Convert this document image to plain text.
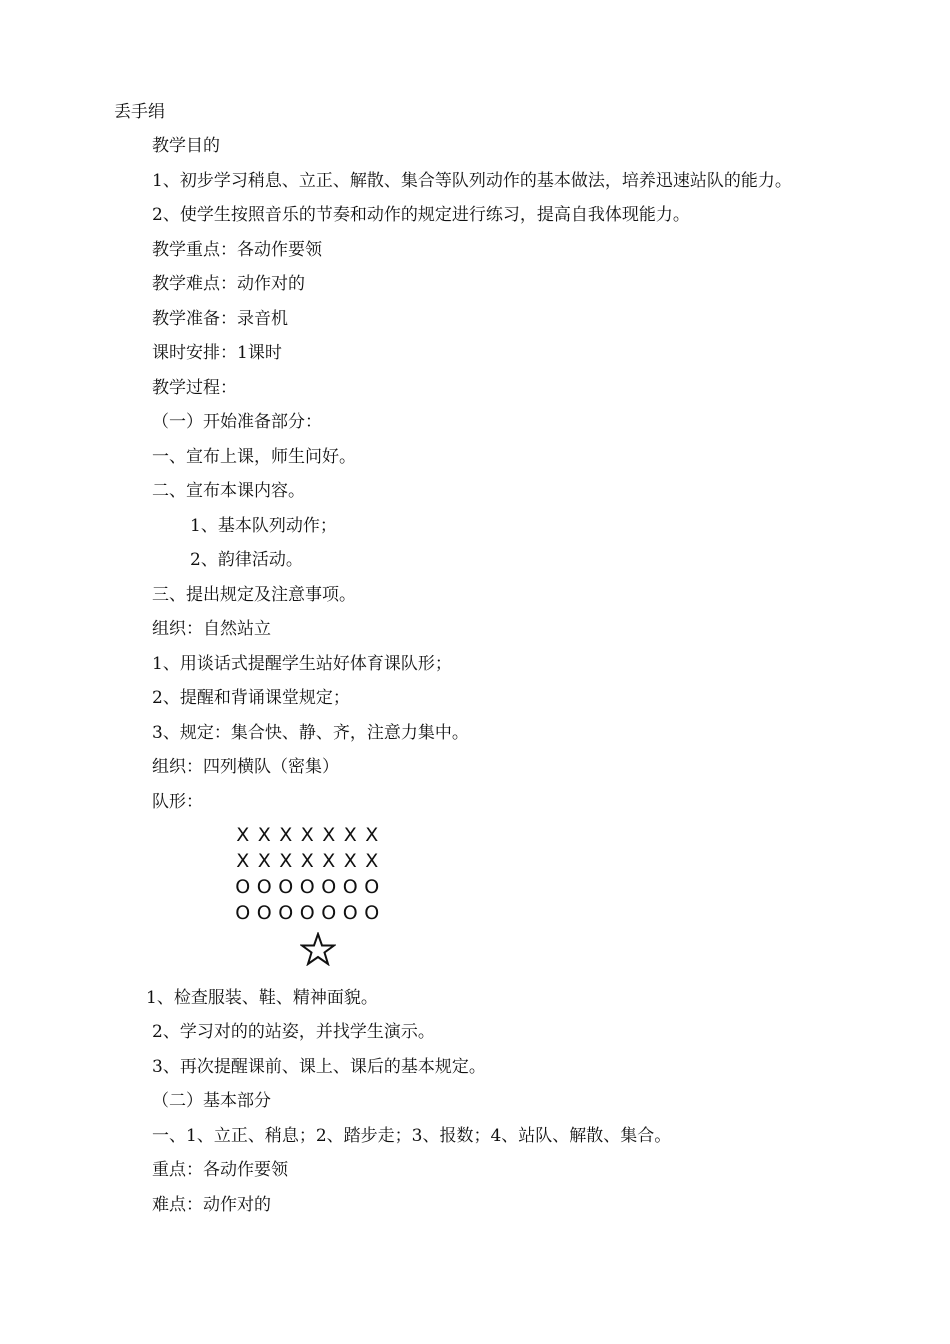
丢手绢
教学目的
1、初步学习稍息、立正、解散、集合等队列动作的基本做法，培养迅速站队的能力。
2、使学生按照音乐的节奏和动作的规定进行练习，提高自我体现能力。
教学重点：各动作要领
教学难点：动作对的
教学准备：录音机
课时安排：1课时
教学过程：
（一）开始准备部分：
一、宣布上课，师生问好。
二、宣布本课内容。
1、基本队列动作；
2、韵律活动。
三、提出规定及注意事项。
组织：自然站立
1、用谈话式提醒学生站好体育课队形；
2、提醒和背诵课堂规定；
3、规定：集合快、静、齐，注意力集中。
组织：四列横队（密集）
队形：
X X X X X X X
X X X X X X X
O O O O O O O
O O O O O O O
1、检查服装、鞋、精神面貌。
2、学习对的的站姿，并找学生演示。
3、再次提醒课前、课上、课后的基本规定。
（二）基本部分
一、1、立正、稍息；2、踏步走；3、报数；4、站队、解散、集合。
重点：各动作要领
难点：动作对的
